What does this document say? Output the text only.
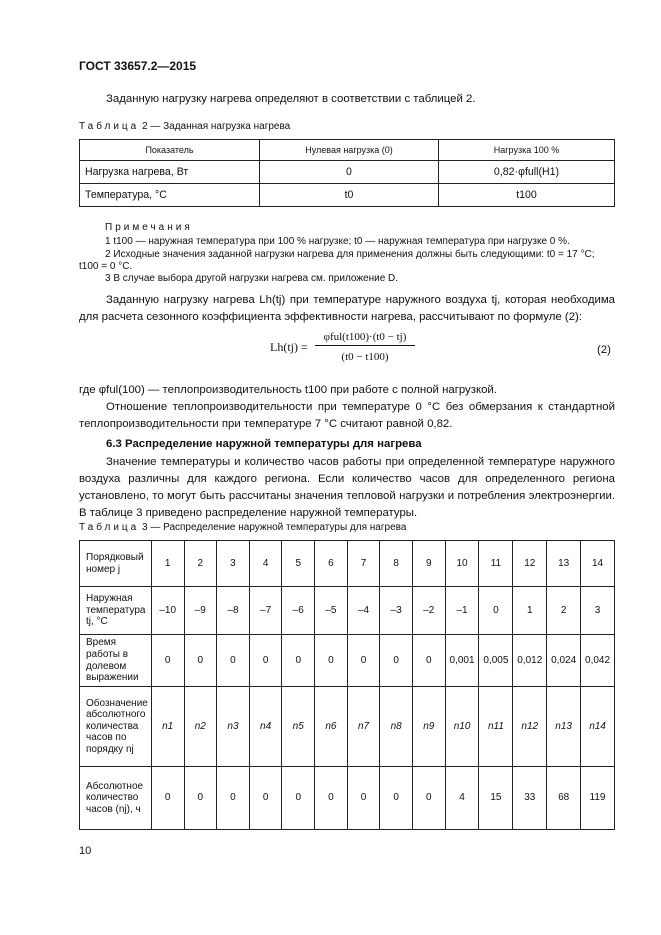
ГОСТ 33657.2—2015
Заданную нагрузку нагрева определяют в соответствии с таблицей 2.
Таблица 2 — Заданная нагрузка нагрева
Показатель	Нулевая нагрузка (0)	Нагрузка 100 %
Нагрузка нагрева, Вт	0	0,82·φfull(Н1)
Температура, °С	t0	t100
Примечания
1 t100 — наружная температура при 100 % нагрузке; t0 — наружная температура при нагрузке 0 %.
2 Исходные значения заданной нагрузки нагрева для применения должны быть следующими: t0 = 17 °С;
t100 = 0 °С.
3 В случае выбора другой нагрузки нагрева см. приложение D.
Заданную нагрузку нагрева Lh(tj) при температуре наружного воздуха tj, которая необходима для расчета сезонного коэффициента эффективности нагрева, рассчитывают по формуле (2):
Lh(tj) =
φful(t100)·(t0 − tj)
(t0 − t100)
(2)
где φful(100) — теплопроизводительность t100 при работе с полной нагрузкой.
Отношение теплопроизводительности при температуре 0 °С без обмерзания к стандартной теплопроизводительности при температуре 7 °С считают равной 0,82.
6.3 Распределение наружной температуры для нагрева
Значение температуры и количество часов работы при определенной температуре наружного воздуха различны для каждого региона. Если количество часов для определенного региона установлено, то могут быть рассчитаны значения тепловой нагрузки и потребления электроэнергии. В таблице 3 приведено распределение наружной температуры.
Таблица 3 — Распределение наружной температуры для нагрева
Порядковый номер j	1	2	3	4	5	6	7	8	9	10	11	12	13	14
Наружная температура tj, °С	–10	–9	–8	–7	–6	–5	–4	–3	–2	–1	0	1	2	3
Время работы в долевом выражении	0	0	0	0	0	0	0	0	0	0,001	0,005	0,012	0,024	0,042
Обозначение абсолютного количества часов по порядку nj	n1	n2	n3	n4	n5	n6	n7	n8	n9	n10	n11	n12	n13	n14
Абсолютное количество часов (nj), ч	0	0	0	0	0	0	0	0	0	4	15	33	68	119
10
